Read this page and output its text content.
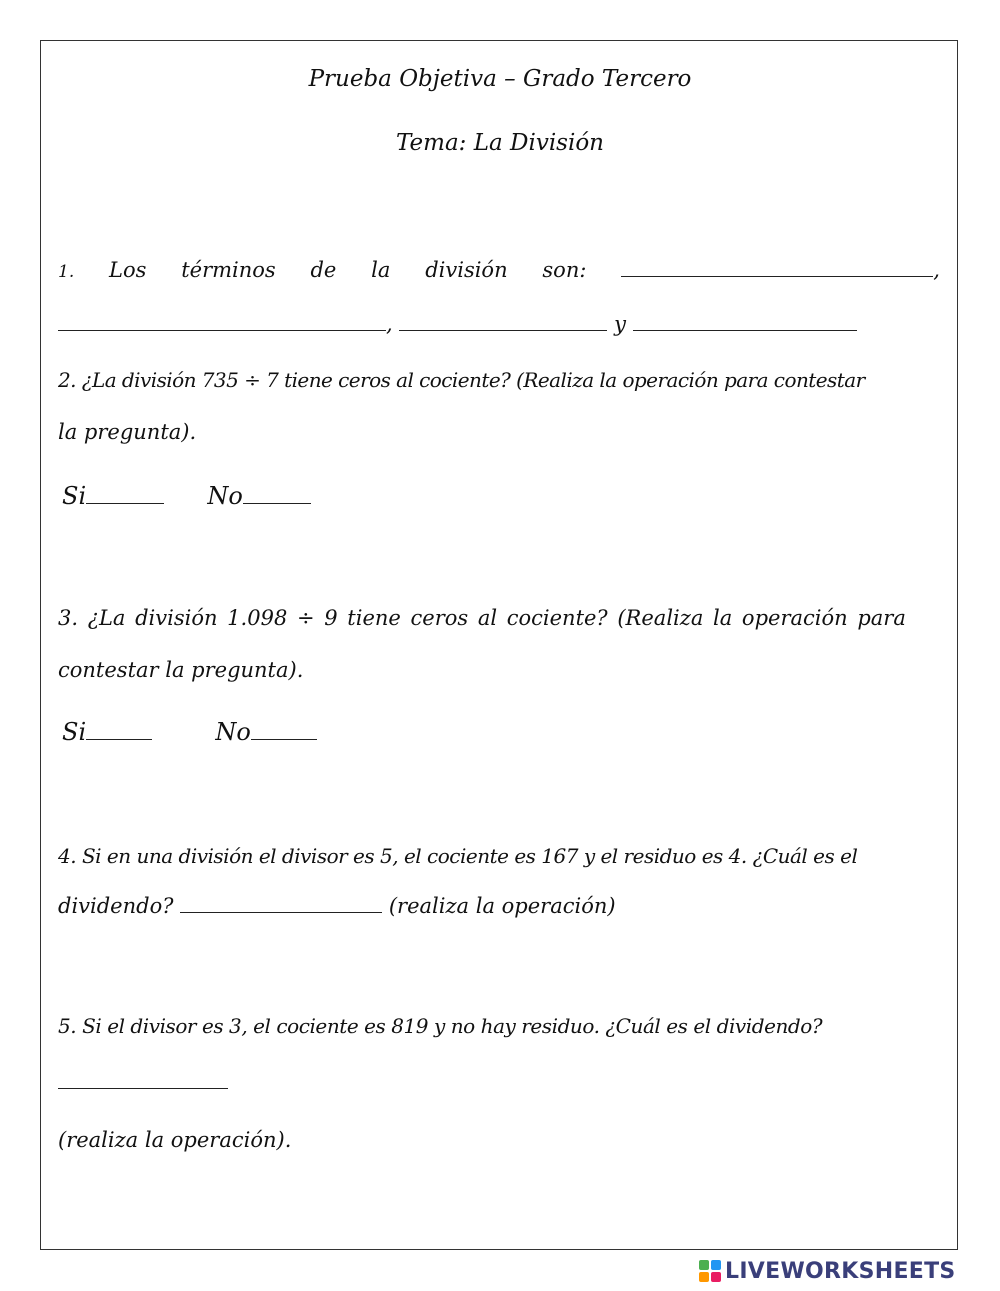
Prueba Objetiva – Grado Tercero
Tema: La División
1. Los términos de la división son:	,
,	y
2. ¿La división 735 ÷ 7 tiene ceros al cociente? (Realiza la operación para contestar
la pregunta).
Si	No
3. ¿La división 1.098 ÷ 9 tiene ceros al cociente? (Realiza la operación para
contestar la pregunta).
Si	No
4. Si en una división el divisor es 5, el cociente es 167 y el residuo es 4. ¿Cuál es el
dividendo?	(realiza la operación)
5. Si el divisor es 3, el cociente es 819 y no hay residuo. ¿Cuál es el dividendo?
(realiza la operación).
LIVEWORKSHEETS
